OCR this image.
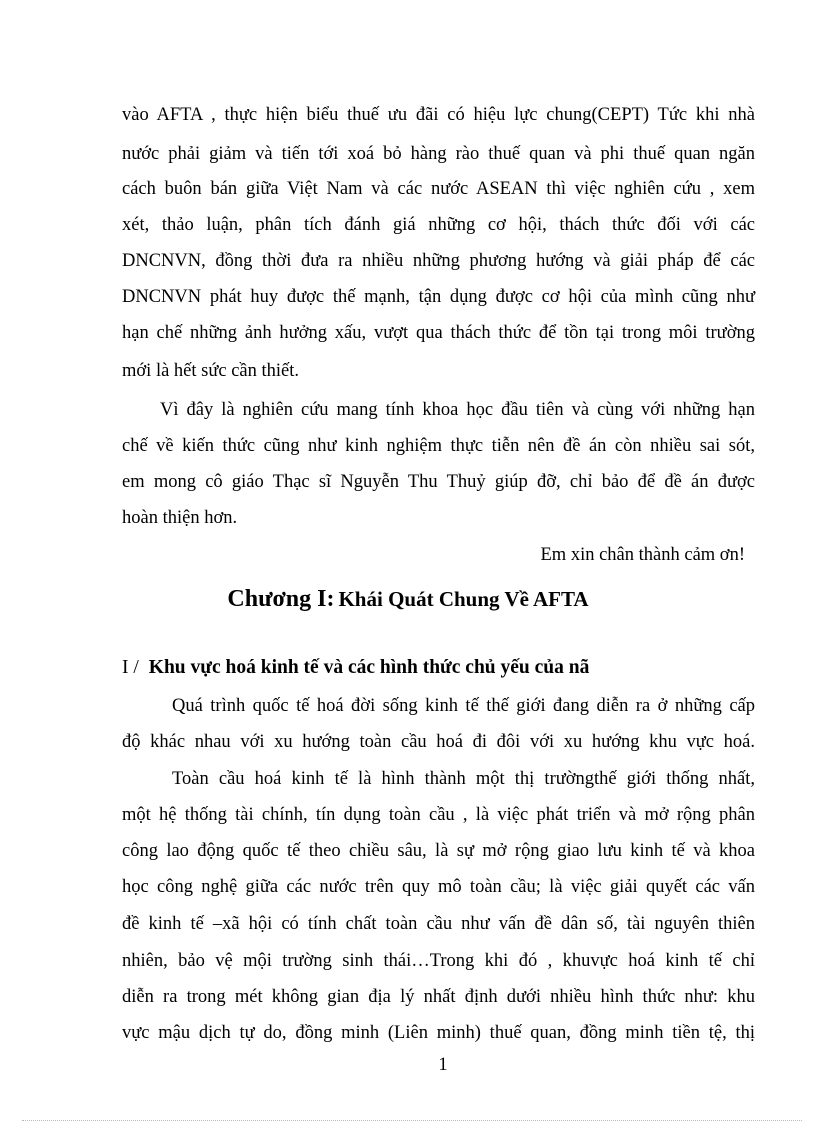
vào AFTA , thực hiện biểu thuế ưu đãi có hiệu lực chung(CEPT) Tức khi nhà
nước phải giảm và tiến tới xoá bỏ hàng rào thuế quan và phi thuế quan ngăn
cách buôn bán giữa Việt Nam và các nước ASEAN thì việc nghiên cứu , xem
xét, thảo luận, phân tích đánh giá những cơ hội, thách thức đối với các
DNCNVN, đồng thời đưa ra nhiều những phương hướng và giải pháp để các
DNCNVN phát huy được thế mạnh, tận dụng được cơ hội của mình cũng như
hạn chế những ảnh hưởng xấu, vượt qua thách thức để tồn tại trong môi trường
mới là hết sức cần thiết.
Vì đây là nghiên cứu mang tính khoa học đầu tiên và cùng với những hạn
chế về kiến thức cũng như kinh nghiệm thực tiễn nên đề án còn nhiều sai sót,
em mong cô giáo Thạc sĩ Nguyễn Thu Thuỷ giúp đỡ, chỉ bảo để đề án được
hoàn thiện hơn.
Em xin chân thành cảm ơn!
Chương I: Khái Quát Chung Về AFTA
I / Khu vực hoá kinh tế và các hình thức chủ yếu của nã
Quá trình quốc tế hoá đời sống kinh tế thế giới đang diễn ra ở những cấp
độ khác nhau với xu hướng toàn cầu hoá đi đôi với xu hướng khu vực hoá.
Toàn cầu hoá kinh tế là hình thành một thị trườngthế giới thống nhất,
một hệ thống tài chính, tín dụng toàn cầu , là việc phát triển và mở rộng phân
công lao động quốc tế theo chiều sâu, là sự mở rộng giao lưu kinh tế và khoa
học công nghệ giữa các nước trên quy mô toàn cầu; là việc giải quyết các vấn
đề kinh tế –xã hội có tính chất toàn cầu như vấn đề dân số, tài nguyên thiên
nhiên, bảo vệ mội trường sinh thái…Trong khi đó , khuvực hoá kinh tế chỉ
diễn ra trong mét không gian địa lý nhất định dưới nhiều hình thức như: khu
vực mậu dịch tự do, đồng minh (Liên minh) thuế quan, đồng minh tiền tệ, thị
1
